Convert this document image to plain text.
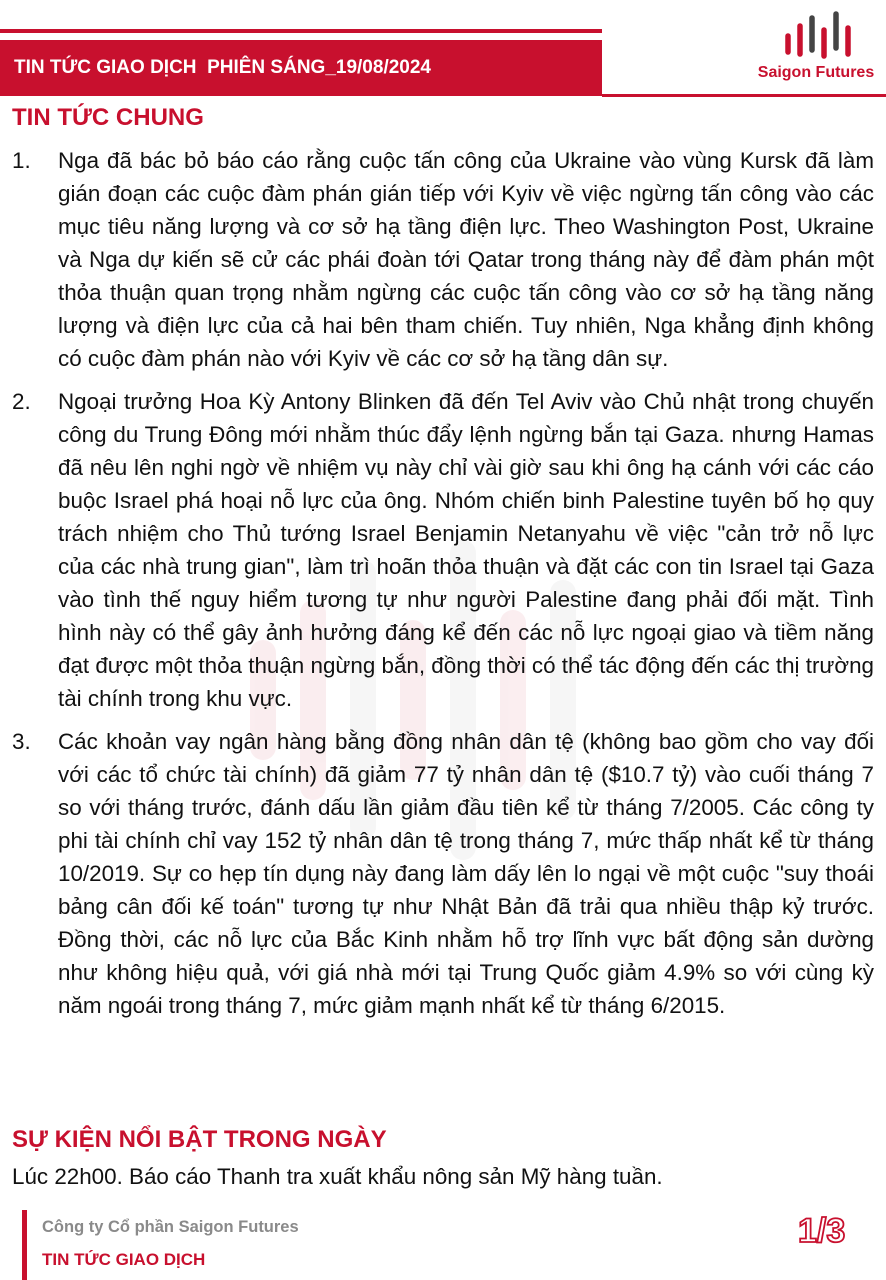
TIN TỨC GIAO DỊCH  PHIÊN SÁNG_19/08/2024	Saigon Futures
TIN TỨC CHUNG
1. Nga đã bác bỏ báo cáo rằng cuộc tấn công của Ukraine vào vùng Kursk đã làm gián đoạn các cuộc đàm phán gián tiếp với Kyiv về việc ngừng tấn công vào các mục tiêu năng lượng và cơ sở hạ tầng điện lực. Theo Washington Post, Ukraine và Nga dự kiến sẽ cử các phái đoàn tới Qatar trong tháng này để đàm phán một thỏa thuận quan trọng nhằm ngừng các cuộc tấn công vào cơ sở hạ tầng năng lượng và điện lực của cả hai bên tham chiến. Tuy nhiên, Nga khẳng định không có cuộc đàm phán nào với Kyiv về các cơ sở hạ tầng dân sự.
2. Ngoại trưởng Hoa Kỳ Antony Blinken đã đến Tel Aviv vào Chủ nhật trong chuyến công du Trung Đông mới nhằm thúc đẩy lệnh ngừng bắn tại Gaza. nhưng Hamas đã nêu lên nghi ngờ về nhiệm vụ này chỉ vài giờ sau khi ông hạ cánh với các cáo buộc Israel phá hoại nỗ lực của ông. Nhóm chiến binh Palestine tuyên bố họ quy trách nhiệm cho Thủ tướng Israel Benjamin Netanyahu về việc "cản trở nỗ lực của các nhà trung gian", làm trì hoãn thỏa thuận và đặt các con tin Israel tại Gaza vào tình thế nguy hiểm tương tự như người Palestine đang phải đối mặt. Tình hình này có thể gây ảnh hưởng đáng kể đến các nỗ lực ngoại giao và tiềm năng đạt được một thỏa thuận ngừng bắn, đồng thời có thể tác động đến các thị trường tài chính trong khu vực.
3. Các khoản vay ngân hàng bằng đồng nhân dân tệ (không bao gồm cho vay đối với các tổ chức tài chính) đã giảm 77 tỷ nhân dân tệ ($10.7 tỷ) vào cuối tháng 7 so với tháng trước, đánh dấu lần giảm đầu tiên kể từ tháng 7/2005. Các công ty phi tài chính chỉ vay 152 tỷ nhân dân tệ trong tháng 7, mức thấp nhất kể từ tháng 10/2019. Sự co hẹp tín dụng này đang làm dấy lên lo ngại về một cuộc "suy thoái bảng cân đối kế toán" tương tự như Nhật Bản đã trải qua nhiều thập kỷ trước. Đồng thời, các nỗ lực của Bắc Kinh nhằm hỗ trợ lĩnh vực bất động sản dường như không hiệu quả, với giá nhà mới tại Trung Quốc giảm 4.9% so với cùng kỳ năm ngoái trong tháng 7, mức giảm mạnh nhất kể từ tháng 6/2015.
SỰ KIỆN NỔI BẬT TRONG NGÀY

Lúc 22h00. Báo cáo Thanh tra xuất khẩu nông sản Mỹ hàng tuần.

Công ty Cổ phần Saigon Futures
TIN TỨC GIAO DỊCH
1/3
